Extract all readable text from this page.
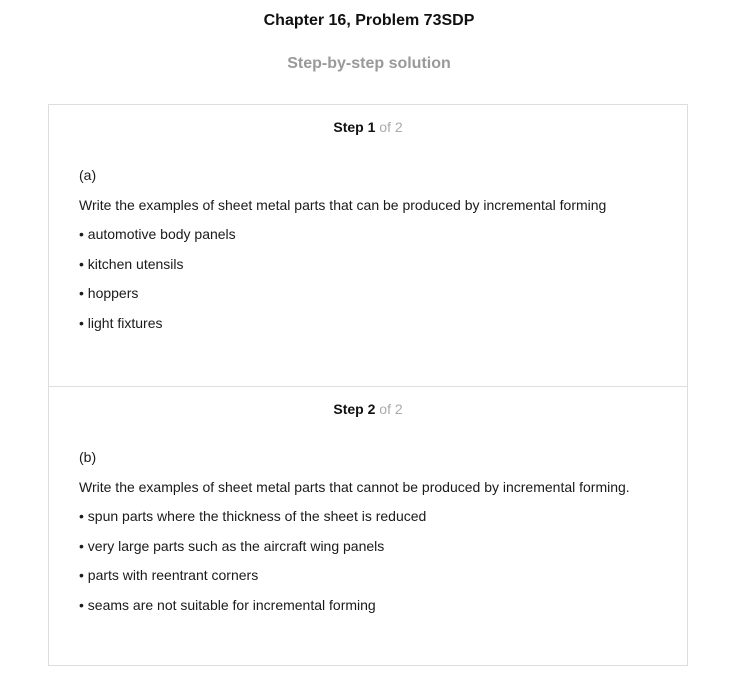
Chapter 16, Problem 73SDP
Step-by-step solution
Step 1 of 2
(a)
Write the examples of sheet metal parts that can be produced by incremental forming
• automotive body panels
• kitchen utensils
• hoppers
• light fixtures
Step 2 of 2
(b)
Write the examples of sheet metal parts that cannot be produced by incremental forming.
• spun parts where the thickness of the sheet is reduced
• very large parts such as the aircraft wing panels
• parts with reentrant corners
• seams are not suitable for incremental forming
